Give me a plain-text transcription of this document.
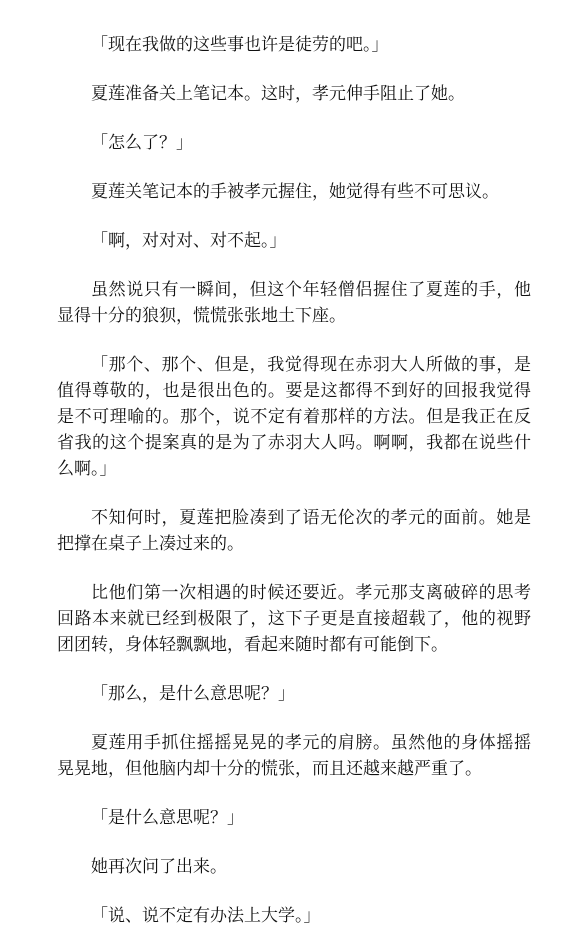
「现在我做的这些事也许是徒劳的吧。」

夏莲准备关上笔记本。这时，孝元伸手阻止了她。

「怎么了？」

夏莲关笔记本的手被孝元握住，她觉得有些不可思议。

「啊，对对对、对不起。」

虽然说只有一瞬间，但这个年轻僧侣握住了夏莲的手，他显得十分的狼狈，慌慌张张地土下座。

「那个、那个、但是，我觉得现在赤羽大人所做的事，是值得尊敬的，也是很出色的。要是这都得不到好的回报我觉得是不可理喻的。那个，说不定有着那样的方法。但是我正在反省我的这个提案真的是为了赤羽大人吗。啊啊，我都在说些什么啊。」

不知何时，夏莲把脸凑到了语无伦次的孝元的面前。她是把撑在桌子上凑过来的。

比他们第一次相遇的时候还要近。孝元那支离破碎的思考回路本来就已经到极限了，这下子更是直接超载了，他的视野团团转，身体轻飘飘地，看起来随时都有可能倒下。

「那么，是什么意思呢？」

夏莲用手抓住摇摇晃晃的孝元的肩膀。虽然他的身体摇摇晃晃地，但他脑内却十分的慌张，而且还越来越严重了。

「是什么意思呢？」

她再次问了出来。

「说、说不定有办法上大学。」
